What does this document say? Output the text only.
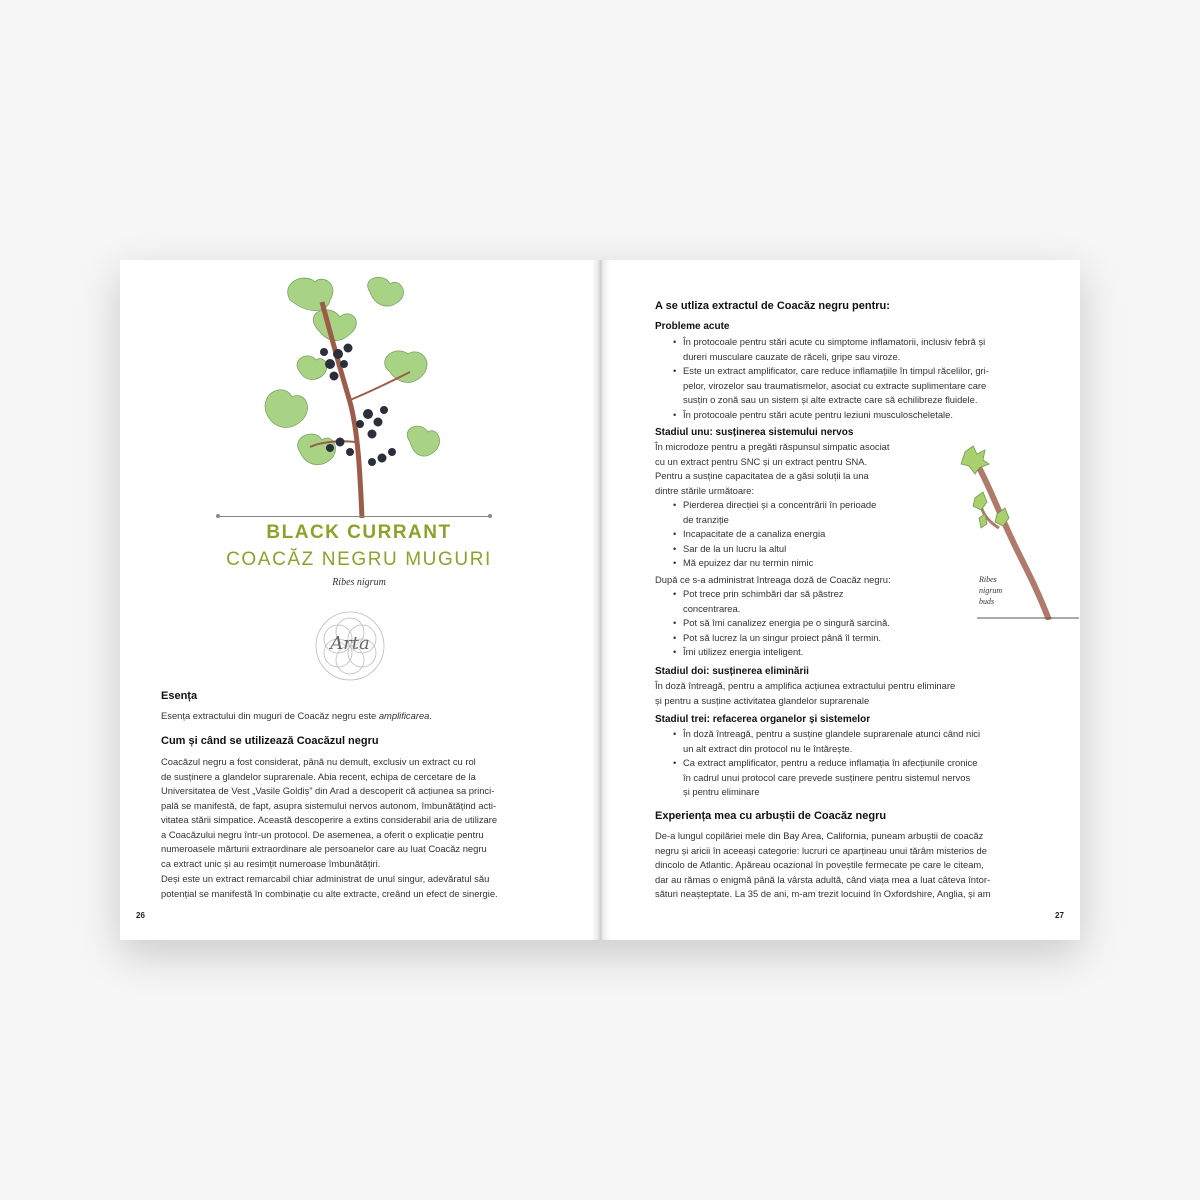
BLACK CURRANT
COACĂZ NEGRU MUGURI
Ribes nigrum
Arta
Esența
Esența extractului din muguri de Coacăz negru este amplificarea.
Cum și când se utilizează Coacăzul negru
Coacăzul negru a fost considerat, până nu demult, exclusiv un extract cu rol
de susținere a glandelor suprarenale. Abia recent, echipa de cercetare de la
Universitatea de Vest „Vasile Goldiș” din Arad a descoperit că acțiunea sa princi-
pală se manifestă, de fapt, asupra sistemului nervos autonom, îmbunătățind acti-
vitatea stării simpatice. Această descoperire a extins considerabil aria de utilizare
a Coacăzului negru într-un protocol. De asemenea, a oferit o explicație pentru
numeroasele mărturii extraordinare ale persoanelor care au luat Coacăz negru
ca extract unic și au resimțit numeroase îmbunătățiri.
Deși este un extract remarcabil chiar administrat de unul singur, adevăratul său
potențial se manifestă în combinație cu alte extracte, creând un efect de sinergie.
26
A se utliza extractul de Coacăz negru pentru:
Probleme acute
• În protocoale pentru stări acute cu simptome inflamatorii, inclusiv febră și
dureri musculare cauzate de răceli, gripe sau viroze.
• Este un extract amplificator, care reduce inflamațiile în timpul răcelilor, gri-
pelor, virozelor sau traumatismelor, asociat cu extracte suplimentare care
susțin o zonă sau un sistem și alte extracte care să echilibreze fluidele.
• În protocoale pentru stări acute pentru leziuni musculoscheletale.
Stadiul unu: susținerea sistemului nervos
În microdoze pentru a pregăti răspunsul simpatic asociat
cu un extract pentru SNC și un extract pentru SNA.
Pentru a susține capacitatea de a găsi soluții la una
dintre stările următoare:
• Pierderea direcției și a concentrării în perioade
de tranziție
• Incapacitate de a canaliza energia
• Sar de la un lucru la altul
• Mă epuizez dar nu termin nimic
După ce s-a administrat întreaga doză de Coacăz negru:
• Pot trece prin schimbări dar să păstrez
concentrarea.
• Pot să îmi canalizez energia pe o singură sarcină.
• Pot să lucrez la un singur proiect până îl termin.
• Îmi utilizez energia inteligent.
Ribes
nigrum
buds
Stadiul doi: susținerea eliminării
În doză întreagă, pentru a amplifica acțiunea extractului pentru eliminare
și pentru a susține activitatea glandelor suprarenale
Stadiul trei: refacerea organelor și sistemelor
• În doză întreagă, pentru a susține glandele suprarenale atunci când nici
un alt extract din protocol nu le întărește.
• Ca extract amplificator, pentru a reduce inflamația în afecțiunile cronice
în cadrul unui protocol care prevede susținere pentru sistemul nervos
și pentru eliminare
Experiența mea cu arbuștii de Coacăz negru
De-a lungul copilăriei mele din Bay Area, California, puneam arbuștii de coacăz
negru și aricii în aceeași categorie: lucruri ce aparțineau unui tărâm misterios de
dincolo de Atlantic. Apăreau ocazional în poveștile fermecate pe care le citeam,
dar au rămas o enigmă până la vârsta adultă, când viața mea a luat câteva întor-
sături neașteptate. La 35 de ani, m-am trezit locuind în Oxfordshire, Anglia, și am
27
